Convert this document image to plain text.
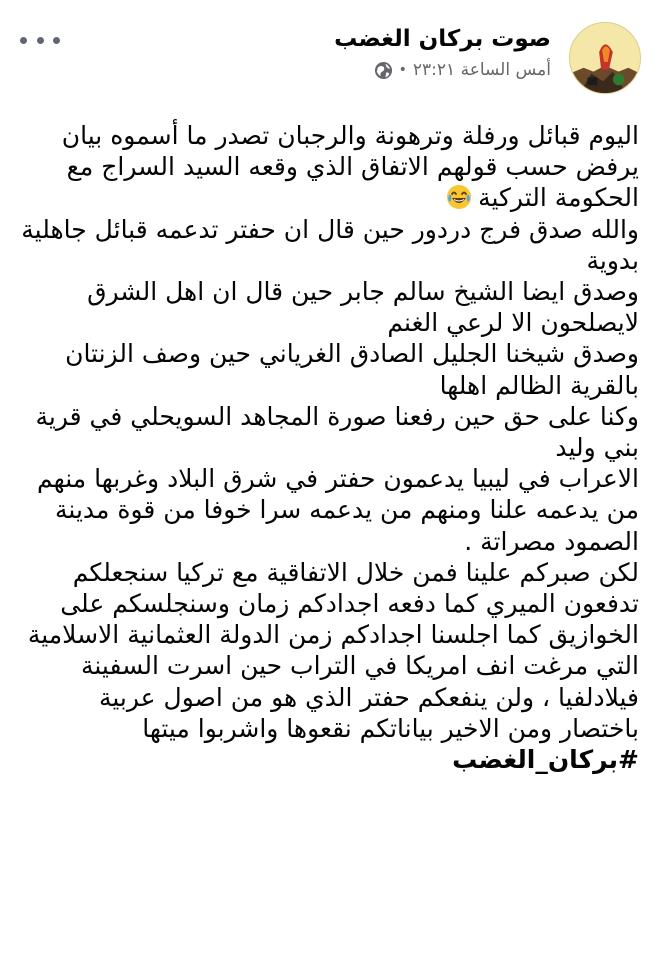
صوت بركان الغضب
أمس الساعة ٢٣:٢١
•

اليوم قبائل ورفلة وترهونة والرجبان تصدر ما أسموه بيان يرفض حسب قولهم الاتفاق الذي وقعه السيد السراج مع الحكومة التركية

والله صدق فرج دردور حين قال ان حفتر تدعمه قبائل جاهلية بدوية

وصدق ايضا الشيخ سالم جابر حين قال ان اهل الشرق لايصلحون الا لرعي الغنم

وصدق شيخنا الجليل الصادق الغرياني حين وصف الزنتان بالقرية الظالم اهلها

وكنا على حق حين رفعنا صورة المجاهد السويحلي في قرية بني وليد

الاعراب في ليبيا يدعمون حفتر في شرق البلاد وغربها منهم من يدعمه علنا ومنهم من يدعمه سرا خوفا من قوة مدينة الصمود مصراتة .

لكن صبركم علينا فمن خلال الاتفاقية مع تركيا سنجعلكم تدفعون الميري كما دفعه اجدادكم زمان وسنجلسكم على الخوازيق كما اجلسنا اجدادكم زمن الدولة العثمانية الاسلامية التي مرغت انف امريكا في التراب حين اسرت السفينة فيلادلفيا ، ولن ينفعكم حفتر الذي هو من اصول عربية باختصار ومن الاخير بياناتكم نقعوها واشربوا ميتها

#بركان_الغضب
